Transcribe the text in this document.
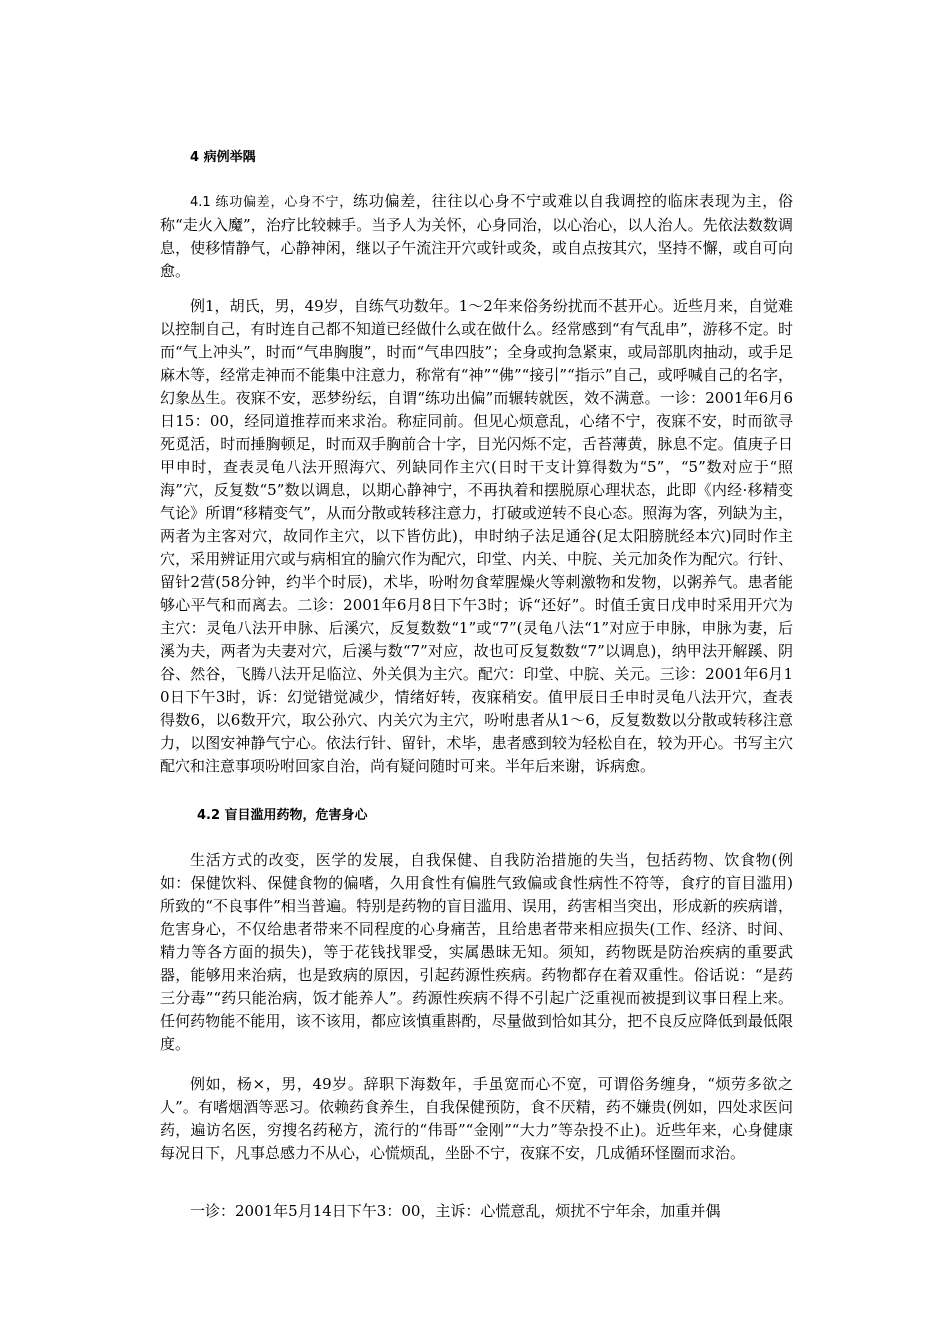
4 病例举隅

4.1 练功偏差，心身不宁，练功偏差，往往以心身不宁或难以自我调控的临床表现为主，俗称“走火入魔”，治疗比较棘手。当予人为关怀，心身同治，以心治心，以人治人。先依法数数调息，使移情静气，心静神闲，继以子午流注开穴或针或灸，或自点按其穴，坚持不懈，或自可向愈。

例1，胡氏，男，49岁，自练气功数年。1～2年来俗务纷扰而不甚开心。近些月来，自觉难以控制自己，有时连自己都不知道已经做什么或在做什么。经常感到“有气乱串”，游移不定。时而“气上冲头”，时而“气串胸腹”，时而“气串四肢”；全身或拘急紧束，或局部肌肉抽动，或手足麻木等，经常走神而不能集中注意力，称常有“神”“佛”“接引”“指示”自己，或呼喊自己的名字，幻象丛生。夜寐不安，恶梦纷纭，自谓“练功出偏”而辗转就医，效不满意。一诊：2001年6月6日15：00，经同道推荐而来求治。称症同前。但见心烦意乱，心绪不宁，夜寐不安，时而欲寻死觅活，时而捶胸顿足，时而双手胸前合十字，目光闪烁不定，舌苔薄黄，脉息不定。值庚子日甲申时，查表灵龟八法开照海穴、列缺同作主穴(日时干支计算得数为“5”，“5”数对应于“照海”穴，反复数“5”数以调息，以期心静神宁，不再执着和摆脱原心理状态，此即《内经·移精变气论》所谓“移精变气”，从而分散或转移注意力，打破或逆转不良心态。照海为客，列缺为主，两者为主客对穴，故同作主穴，以下皆仿此)，申时纳子法足通谷(足太阳膀胱经本穴)同时作主穴，采用辨证用穴或与病相宜的腧穴作为配穴，印堂、内关、中脘、关元加灸作为配穴。行针、留针2营(58分钟，约半个时辰)，术毕，吩咐勿食荤腥燥火等刺激物和发物，以粥养气。患者能够心平气和而离去。二诊：2001年6月8日下午3时；诉“还好”。时值壬寅日戊申时采用开穴为主穴：灵龟八法开申脉、后溪穴，反复数数“1”或“7”(灵龟八法“1”对应于申脉，申脉为妻，后溪为夫，两者为夫妻对穴，后溪与数“7”对应，故也可反复数数“7”以调息)，纳甲法开解蹊、阴谷、然谷，飞腾八法开足临泣、外关俱为主穴。配穴：印堂、中脘、关元。三诊：2001年6月10日下午3时，诉：幻觉错觉减少，情绪好转，夜寐稍安。值甲辰日壬申时灵龟八法开穴，查表得数6，以6数开穴，取公孙穴、内关穴为主穴，吩咐患者从1～6，反复数数以分散或转移注意力，以图安神静气宁心。依法行针、留针，术毕，患者感到较为轻松自在，较为开心。书写主穴配穴和注意事项吩咐回家自治，尚有疑问随时可来。半年后来谢，诉病愈。

4.2 盲目滥用药物，危害身心

生活方式的改变，医学的发展，自我保健、自我防治措施的失当，包括药物、饮食物(例如：保健饮料、保健食物的偏嗜，久用食性有偏胜气致偏或食性病性不符等，食疗的盲目滥用)所致的“不良事件”相当普遍。特别是药物的盲目滥用、误用，药害相当突出，形成新的疾病谱，危害身心，不仅给患者带来不同程度的心身痛苦，且给患者带来相应损失(工作、经济、时间、精力等各方面的损失)，等于花钱找罪受，实属愚昧无知。须知，药物既是防治疾病的重要武器，能够用来治病，也是致病的原因，引起药源性疾病。药物都存在着双重性。俗话说：“是药三分毒”“药只能治病，饭才能养人”。药源性疾病不得不引起广泛重视而被提到议事日程上来。任何药物能不能用，该不该用，都应该慎重斟酌，尽量做到恰如其分，把不良反应降低到最低限度。

例如，杨×，男，49岁。辞职下海数年，手虽宽而心不宽，可谓俗务缠身，“烦劳多欲之人”。有嗜烟酒等恶习。依赖药食养生，自我保健预防，食不厌精，药不嫌贵(例如，四处求医问药，遍访名医，穷搜名药秘方，流行的“伟哥”“金刚”“大力”等杂投不止)。近些年来，心身健康每况日下，凡事总感力不从心，心慌烦乱，坐卧不宁，夜寐不安，几成循环怪圈而求治。

一诊：2001年5月14日下午3：00，主诉：心慌意乱，烦扰不宁年余，加重并偶
